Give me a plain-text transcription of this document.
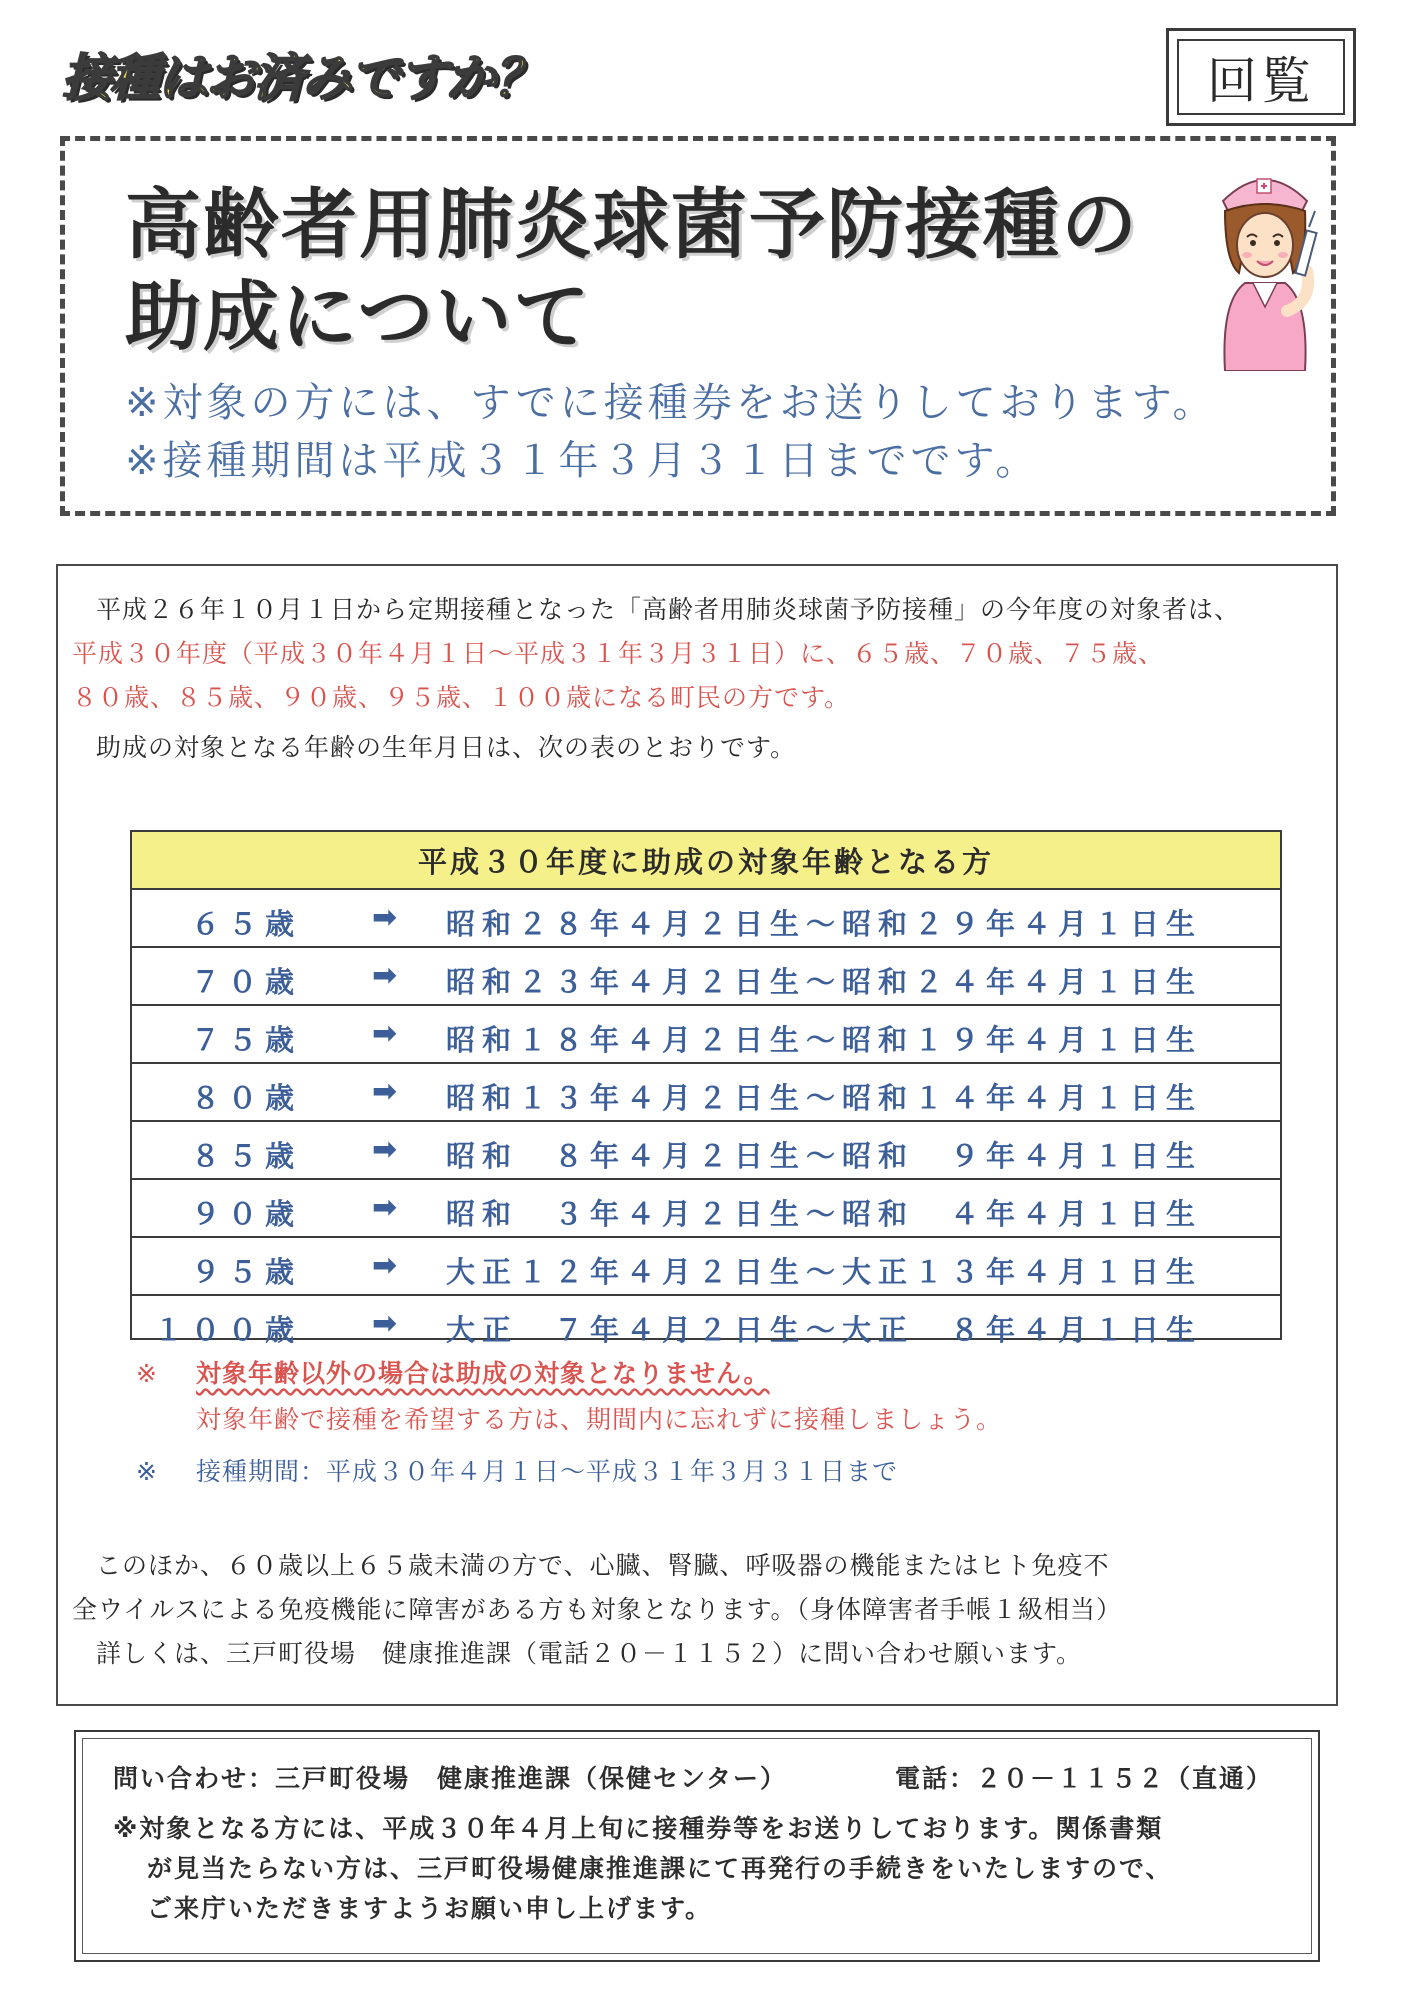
接種はお済みですか？	回覧
高齢者用肺炎球菌予防接種の
助成について
※対象の方には、すでに接種券をお送りしております。
※接種期間は平成３１年３月３１日までです。
平成２６年１０月１日から定期接種となった「高齢者用肺炎球菌予防接種」の今年度の対象者は、
平成３０年度（平成３０年４月１日～平成３１年３月３１日）に、６５歳、７０歳、７５歳、
８０歳、８５歳、９０歳、９５歳、１００歳になる町民の方です。
助成の対象となる年齢の生年月日は、次の表のとおりです。
平成３０年度に助成の対象年齢となる方
６５歳 ➡ 昭和２８年４月２日生～昭和２９年４月１日生
７０歳 ➡ 昭和２３年４月２日生～昭和２４年４月１日生
７５歳 ➡ 昭和１８年４月２日生～昭和１９年４月１日生
８０歳 ➡ 昭和１３年４月２日生～昭和１４年４月１日生
８５歳 ➡ 昭和　８年４月２日生～昭和　９年４月１日生
９０歳 ➡ 昭和　３年４月２日生～昭和　４年４月１日生
９５歳 ➡ 大正１２年４月２日生～大正１３年４月１日生
１００歳 ➡ 大正　７年４月２日生～大正　８年４月１日生
※ 対象年齢以外の場合は助成の対象となりません。
対象年齢で接種を希望する方は、期間内に忘れずに接種しましょう。
※ 接種期間：平成３０年４月１日～平成３１年３月３１日まで
このほか、６０歳以上６５歳未満の方で、心臓、腎臓、呼吸器の機能またはヒト免疫不
全ウイルスによる免疫機能に障害がある方も対象となります。（身体障害者手帳１級相当）
詳しくは、三戸町役場　健康推進課（電話２０－１１５２）に問い合わせ願います。
問い合わせ：三戸町役場　健康推進課（保健センター）	電話：２０－１１５２（直通）
※対象となる方には、平成３０年４月上旬に接種券等をお送りしております。関係書類
が見当たらない方は、三戸町役場健康推進課にて再発行の手続きをいたしますので、
ご来庁いただきますようお願い申し上げます。
